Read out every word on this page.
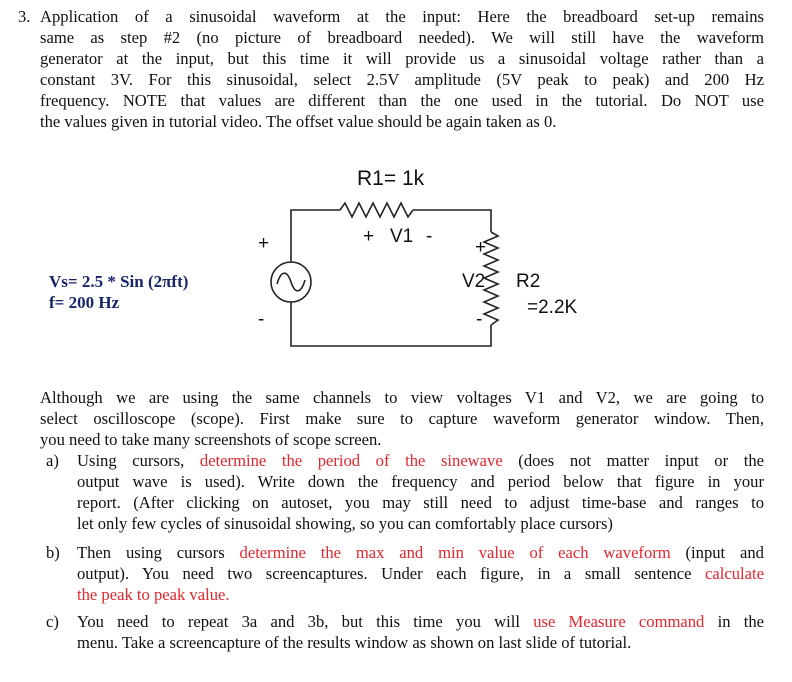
3. Application of a sinusoidal waveform at the input: Here the breadboard set-up remains
same as step #2 (no picture of breadboard needed). We will still have the waveform
generator at the input, but this time it will provide us a sinusoidal voltage rather than a
constant 3V. For this sinusoidal, select 2.5V amplitude (5V peak to peak) and 200 Hz
frequency. NOTE that values are different than the one used in the tutorial. Do NOT use
the values given in tutorial video. The offset value should be again taken as 0.
R1= 1k
+ V1 -
+
-
+
V2
-
R2
=2.2K
Vs= 2.5 * Sin (2πft)
f= 200 Hz
Although we are using the same channels to view voltages V1 and V2, we are going to
select oscilloscope (scope). First make sure to capture waveform generator window. Then,
you need to take many screenshots of scope screen.
a) Using cursors, determine the period of the sinewave (does not matter input or the
output wave is used). Write down the frequency and period below that figure in your
report. (After clicking on autoset, you may still need to adjust time-base and ranges to
let only few cycles of sinusoidal showing, so you can comfortably place cursors)
b) Then using cursors determine the max and min value of each waveform (input and
output). You need two screencaptures. Under each figure, in a small sentence calculate
the peak to peak value.
c) You need to repeat 3a and 3b, but this time you will use Measure command in the
menu. Take a screencapture of the results window as shown on last slide of tutorial.
